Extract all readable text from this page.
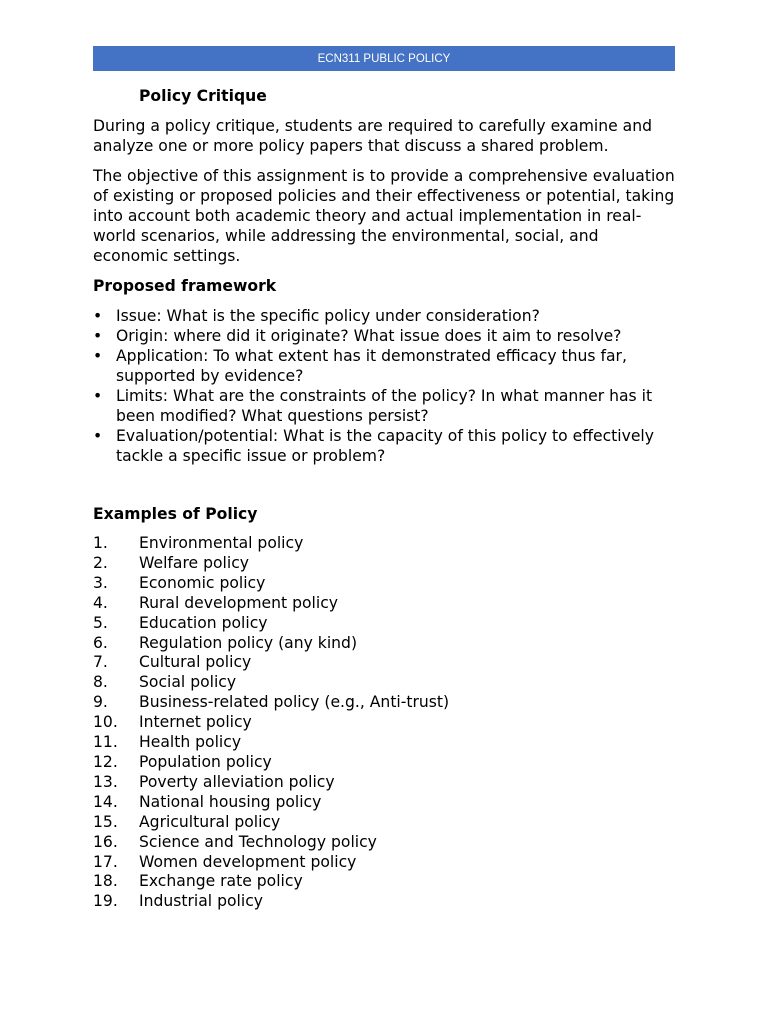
ECN311 PUBLIC POLICY
Policy Critique

During a policy critique, students are required to carefully examine and analyze one or more policy papers that discuss a shared problem.

The objective of this assignment is to provide a comprehensive evaluation of existing or proposed policies and their effectiveness or potential, taking into account both academic theory and actual implementation in real-world scenarios, while addressing the environmental, social, and economic settings.

Proposed framework
• Issue: What is the specific policy under consideration?
• Origin: where did it originate? What issue does it aim to resolve?
• Application: To what extent has it demonstrated efficacy thus far, supported by evidence?
• Limits: What are the constraints of the policy? In what manner has it been modified? What questions persist?
• Evaluation/potential: What is the capacity of this policy to effectively tackle a specific issue or problem?
Examples of Policy
1.	Environmental policy
2.	Welfare policy
3.	Economic policy
4.	Rural development policy
5.	Education policy
6.	Regulation policy (any kind)
7.	Cultural policy
8.	Social policy
9.	Business-related policy (e.g., Anti-trust)
10.	Internet policy
11.	Health policy
12.	Population policy
13.	Poverty alleviation policy
14.	National housing policy
15.	Agricultural policy
16.	Science and Technology policy
17.	Women development policy
18.	Exchange rate policy
19.	Industrial policy
